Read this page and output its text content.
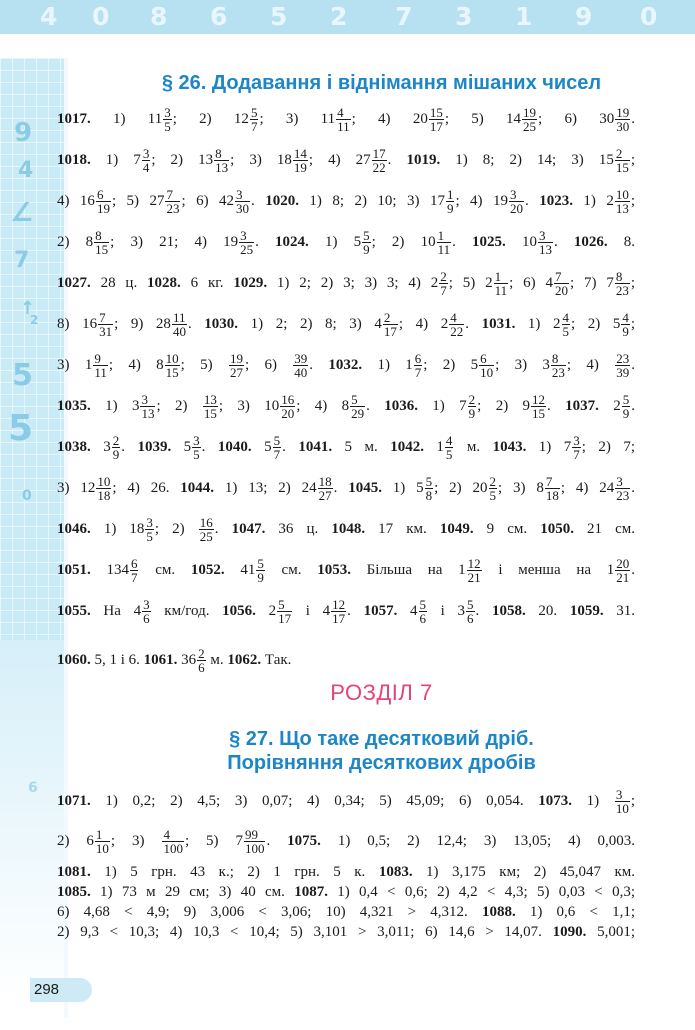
4 0 8 6 5 2 7 3 1 9 0
9
4
∠
7
↑
2
5
5
0
6
§ 26. Додавання і віднімання мішаних чисел
РОЗДІЛ 7
§ 27. Що таке десятковий дріб.
Порівняння десяткових дробів
1017. 1) $11 \frac{3}{5}$ ; 2) $12 \frac{5}{7}$ ; 3) $11 \frac{4}{11}$ ; 4) $20 \frac{15}{17}$ ; 5) $14 \frac{19}{25}$ ; 6) $30 \frac{19}{30}$ .
1018. 1) $7 \frac{3}{4}$ ; 2) $13 \frac{8}{13}$ ; 3) $18 \frac{14}{19}$ ; 4) $27 \frac{17}{22}$ . 1019. 1) 8; 2) 14; 3) $15 \frac{2}{15}$ ;
4) $16 \frac{6}{19}$ ; 5) $27 \frac{7}{23}$ ; 6) $42 \frac{3}{30}$ . 1020. 1) 8; 2) 10; 3) $17 \frac{1}{9}$ ; 4) $19 \frac{3}{20}$ . 1023. 1) $2 \frac{10}{13}$ ;
2) $8 \frac{8}{15}$ ; 3) 21; 4) $19 \frac{3}{25}$ . 1024. 1) $5 \frac{5}{9}$ ; 2) $10 \frac{1}{11}$ . 1025. $10 \frac{3}{13}$ . 1026. 8.
1027. 28 ц. 1028. 6 кг. 1029. 1) 2; 2) 3; 3) 3; 4) $2 \frac{2}{7}$ ; 5) $2 \frac{1}{11}$ ; 6) $4 \frac{7}{20}$ ; 7) $7 \frac{8}{23}$ ;
8) $16 \frac{7}{31}$ ; 9) $28 \frac{11}{40}$ . 1030. 1) 2; 2) 8; 3) $4 \frac{2}{17}$ ; 4) $2 \frac{4}{22}$ . 1031. 1) $2 \frac{4}{5}$ ; 2) $5 \frac{4}{9}$ ;
3) $1 \frac{9}{11}$ ; 4) $8 \frac{10}{15}$ ; $5) \frac{19}{27}$ ; $6) \frac{39}{40}$ . 1032. 1) $1 \frac{6}{7}$ ; 2) $5 \frac{6}{10}$ ; 3) $3 \frac{8}{23}$ ; $4) \frac{23}{39}$ .
1035. 1) $3 \frac{3}{13}$ ; $2) \frac{13}{15}$ ; 3) $10 \frac{16}{20}$ ; 4) $8 \frac{5}{29}$ . 1036. 1) $7 \frac{2}{9}$ ; 2) $9 \frac{12}{15}$ . 1037. $2 \frac{5}{9}$ .
1038. $3 \frac{2}{9}$ . 1039. $5 \frac{3}{5}$ . 1040. $5 \frac{5}{7}$ . 1041. 5 м. 1042. $1 \frac{4}{5} м$. 1043. 1) $7 \frac{3}{7}$ ; 2) 7;
3) $12 \frac{10}{18}$ ; 4) 26. 1044. 1) 13; 2) $24 \frac{18}{27}$ . 1045. 1) $5 \frac{5}{8}$ ; 2) $20 \frac{2}{5}$ ; 3) $8 \frac{7}{18}$ ; 4) $24 \frac{3}{23}$ .
1046. 1) $18 \frac{3}{5}$ ; $2) \frac{16}{25}$ . 1047. 36 ц. 1048. 17 км. 1049. 9 см. 1050. 21 см.
1051. $134 \frac{6}{7}$ см. 1052. $41 \frac{5}{9}$ см. 1053. Більша на $1 \frac{12}{21}$ і менша на $1 \frac{20}{21}$ .
1055. На $4 \frac{3}{6} км/год$. 1056. $2 \frac{5}{17}$ і $4 \frac{12}{17}$ . 1057. $4 \frac{5}{6}$ і $3 \frac{5}{6}$ . 1058. 20. 1059. 31.
1060. 5, 1 і 6. 1061. $36 \frac{2}{6} м$. 1062. Так.
1071. 1) 0,2; 2) 4,5; 3) 0,07; 4) 0,34; 5) 45,09; 6) 0,054. 1073. $1) \frac{3}{10}$ ;
2) $6 \frac{1}{10}$ ; $3) \frac{4}{100}$ ; 5) $7 \frac{99}{100}$ . 1075. 1) 0,5; 2) 12,4; 3) 13,05; 4) 0,003.
1081. 1) 5 грн. 43 к.; 2) 1 грн. 5 к. 1083. 1) 3,175 км; 2) 45,047 км.
1085. 1) 73 м 29 см; 3) 40 см. 1087. 1) 0,4 < 0,6; 2) 4,2 < 4,3; 5) 0,03 < 0,3;
6) 4,68 < 4,9; 9) 3,006 < 3,06; 10) 4,321 > 4,312. 1088. 1) 0,6 < 1,1;
2) 9,3 < 10,3; 4) 10,3 < 10,4; 5) 3,101 > 3,011; 6) 14,6 > 14,07. 1090. 5,001;
298
